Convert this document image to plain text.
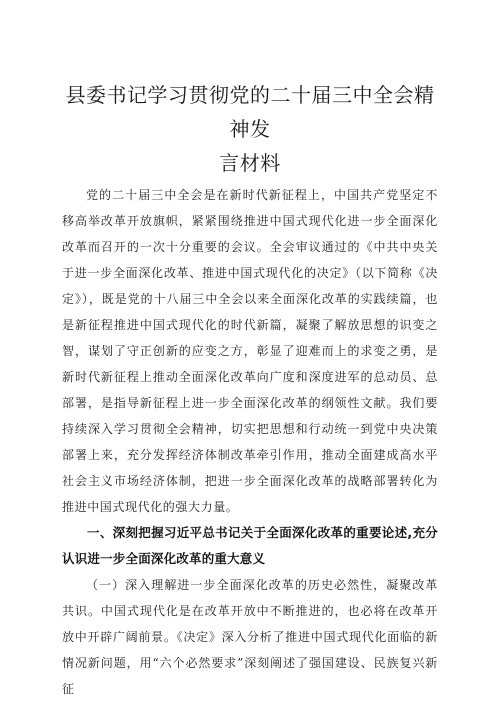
县委书记学习贯彻党的二十届三中全会精神发
言材料

党的二十届三中全会是在新时代新征程上，中国共产党坚定不移高举改革开放旗帜，紧紧围绕推进中国式现代化进一步全面深化改革而召开的一次十分重要的会议。全会审议通过的《中共中央关于进一步全面深化改革、推进中国式现代化的决定》（以下简称《决定》），既是党的十八届三中全会以来全面深化改革的实践续篇，也是新征程推进中国式现代化的时代新篇，凝聚了解放思想的识变之智，谋划了守正创新的应变之方，彰显了迎难而上的求变之勇，是新时代新征程上推动全面深化改革向广度和深度进军的总动员、总部署，是指导新征程上进一步全面深化改革的纲领性文献。我们要持续深入学习贯彻全会精神，切实把思想和行动统一到党中央决策部署上来，充分发挥经济体制改革牵引作用，推动全面建成高水平社会主义市场经济体制，把进一步全面深化改革的战略部署转化为推进中国式现代化的强大力量。

一、深刻把握习近平总书记关于全面深化改革的重要论述,充分认识进一步全面深化改革的重大意义

（一）深入理解进一步全面深化改革的历史必然性，凝聚改革共识。中国式现代化是在改革开放中不断推进的，也必将在改革开放中开辟广阔前景。《决定》深入分析了推进中国式现代化面临的新情况新问题，用“六个必然要求”深刻阐述了强国建设、民族复兴新征
